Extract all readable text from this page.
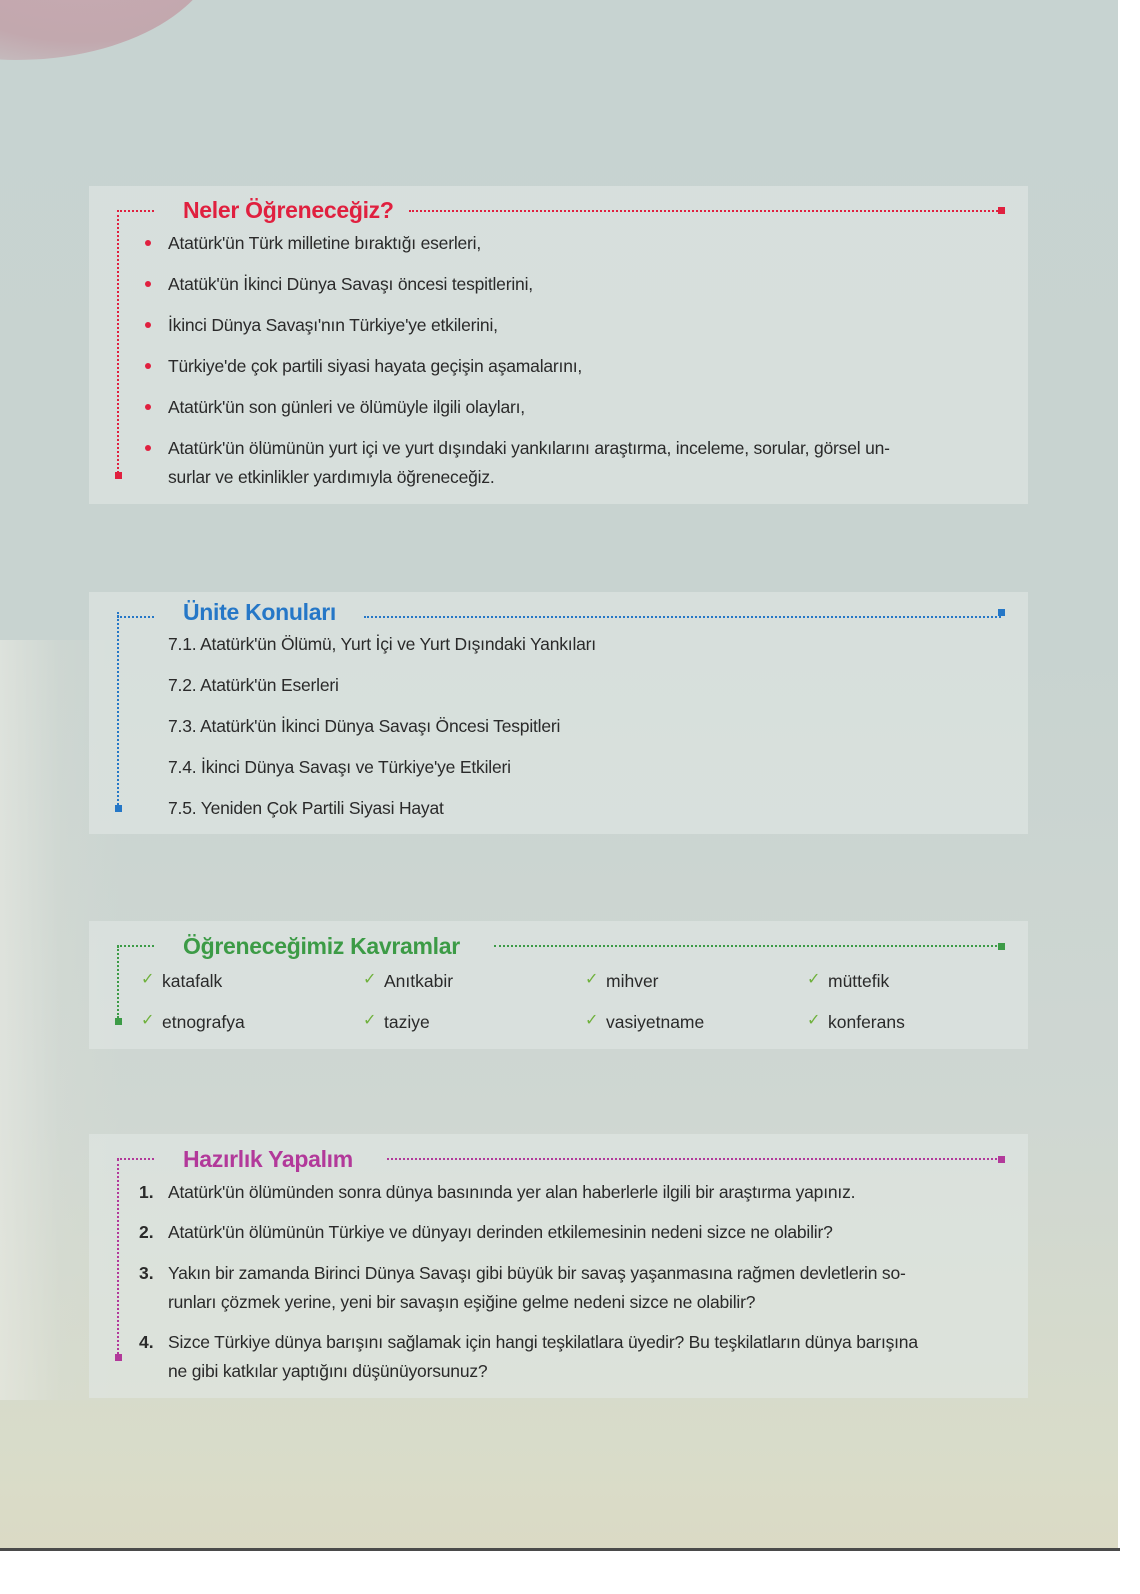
Neler Öğreneceğiz?
Atatürk'ün Türk milletine bıraktığı eserleri,
Atatük'ün İkinci Dünya Savaşı öncesi tespitlerini,
İkinci Dünya Savaşı'nın Türkiye'ye etkilerini,
Türkiye'de çok partili siyasi hayata geçişin aşamalarını,
Atatürk'ün son günleri ve ölümüyle ilgili olayları,
Atatürk'ün ölümünün yurt içi ve yurt dışındaki yankılarını araştırma, inceleme, sorular, görsel un-
surlar ve etkinlikler yardımıyla öğreneceğiz.
Ünite Konuları
7.1. Atatürk'ün Ölümü, Yurt İçi ve Yurt Dışındaki Yankıları
7.2. Atatürk'ün Eserleri
7.3. Atatürk'ün İkinci Dünya Savaşı Öncesi Tespitleri
7.4. İkinci Dünya Savaşı ve Türkiye'ye Etkileri
7.5. Yeniden Çok Partili Siyasi Hayat
Öğreneceğimiz Kavramlar
✓ katafalk	✓ Anıtkabir	✓ mihver	✓ müttefik
✓ etnografya	✓ taziye	✓ vasiyetname	✓ konferans
Hazırlık Yapalım
1. Atatürk'ün ölümünden sonra dünya basınında yer alan haberlerle ilgili bir araştırma yapınız.
2. Atatürk'ün ölümünün Türkiye ve dünyayı derinden etkilemesinin nedeni sizce ne olabilir?
3. Yakın bir zamanda Birinci Dünya Savaşı gibi büyük bir savaş yaşanmasına rağmen devletlerin so-
runları çözmek yerine, yeni bir savaşın eşiğine gelme nedeni sizce ne olabilir?
4. Sizce Türkiye dünya barışını sağlamak için hangi teşkilatlara üyedir? Bu teşkilatların dünya barışına
ne gibi katkılar yaptığını düşünüyorsunuz?
